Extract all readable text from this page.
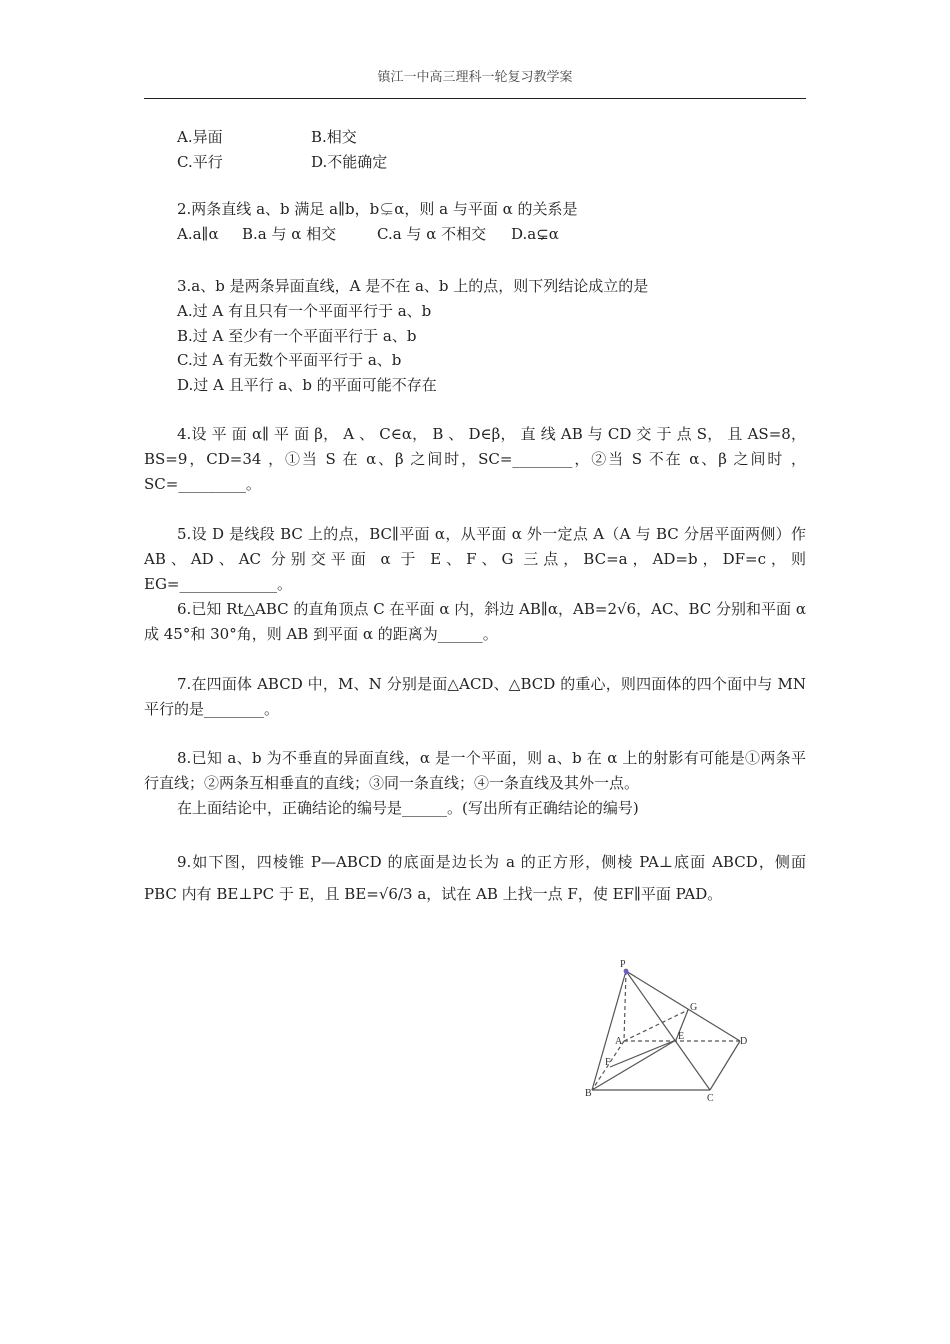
镇江一中高三理科一轮复习教学案
A.异面	B.相交
C.平行	D.不能确定
2.两条直线 a、b 满足 a∥b，b⊊α，则 a 与平面 α 的关系是
A.a∥α B.a 与 α 相交	C.a 与 α 不相交 D.a⊊α
3.a、b 是两条异面直线，A 是不在 a、b 上的点，则下列结论成立的是
A.过 A 有且只有一个平面平行于 a、b
B.过 A 至少有一个平面平行于 a、b
C.过 A 有无数个平面平行于 a、b
D.过 A 且平行 a、b 的平面可能不存在
4.设 平 面 α∥ 平 面 β， A 、 C∈α， B 、 D∈β， 直 线 AB 与 CD 交 于 点 S， 且 AS=8，BS=9，CD=34 ，①当 S 在 α、β 之间时，SC=________，②当 S 不在 α、β 之间时 ，SC=_________。
5.设 D 是线段 BC 上的点，BC∥平面 α，从平面 α 外一定点 A（A 与 BC 分居平面两侧）作 AB、AD、AC 分别交平面 α 于 E、F、G 三点，BC=a，AD=b，DF=c，则 EG=_____________。
6.已知 Rt△ABC 的直角顶点 C 在平面 α 内，斜边 AB∥α，AB=2√6，AC、BC 分别和平面 α 成 45°和 30°角，则 AB 到平面 α 的距离为______。
7.在四面体 ABCD 中，M、N 分别是面△ACD、△BCD 的重心，则四面体的四个面中与 MN 平行的是________。
8.已知 a、b 为不垂直的异面直线，α 是一个平面，则 a、b 在 α 上的射影有可能是①两条平行直线；②两条互相垂直的直线；③同一条直线；④一条直线及其外一点。
在上面结论中，正确结论的编号是______。(写出所有正确结论的编号)
9.如下图，四棱锥 P—ABCD 的底面是边长为 a 的正方形，侧棱 PA⊥底面 ABCD，侧面 PBC 内有 BE⊥PC 于 E，且 BE=√6/3 a，试在 AB 上找一点 F，使 EF∥平面 PAD。
P
G
A	E	D
F
B	C
